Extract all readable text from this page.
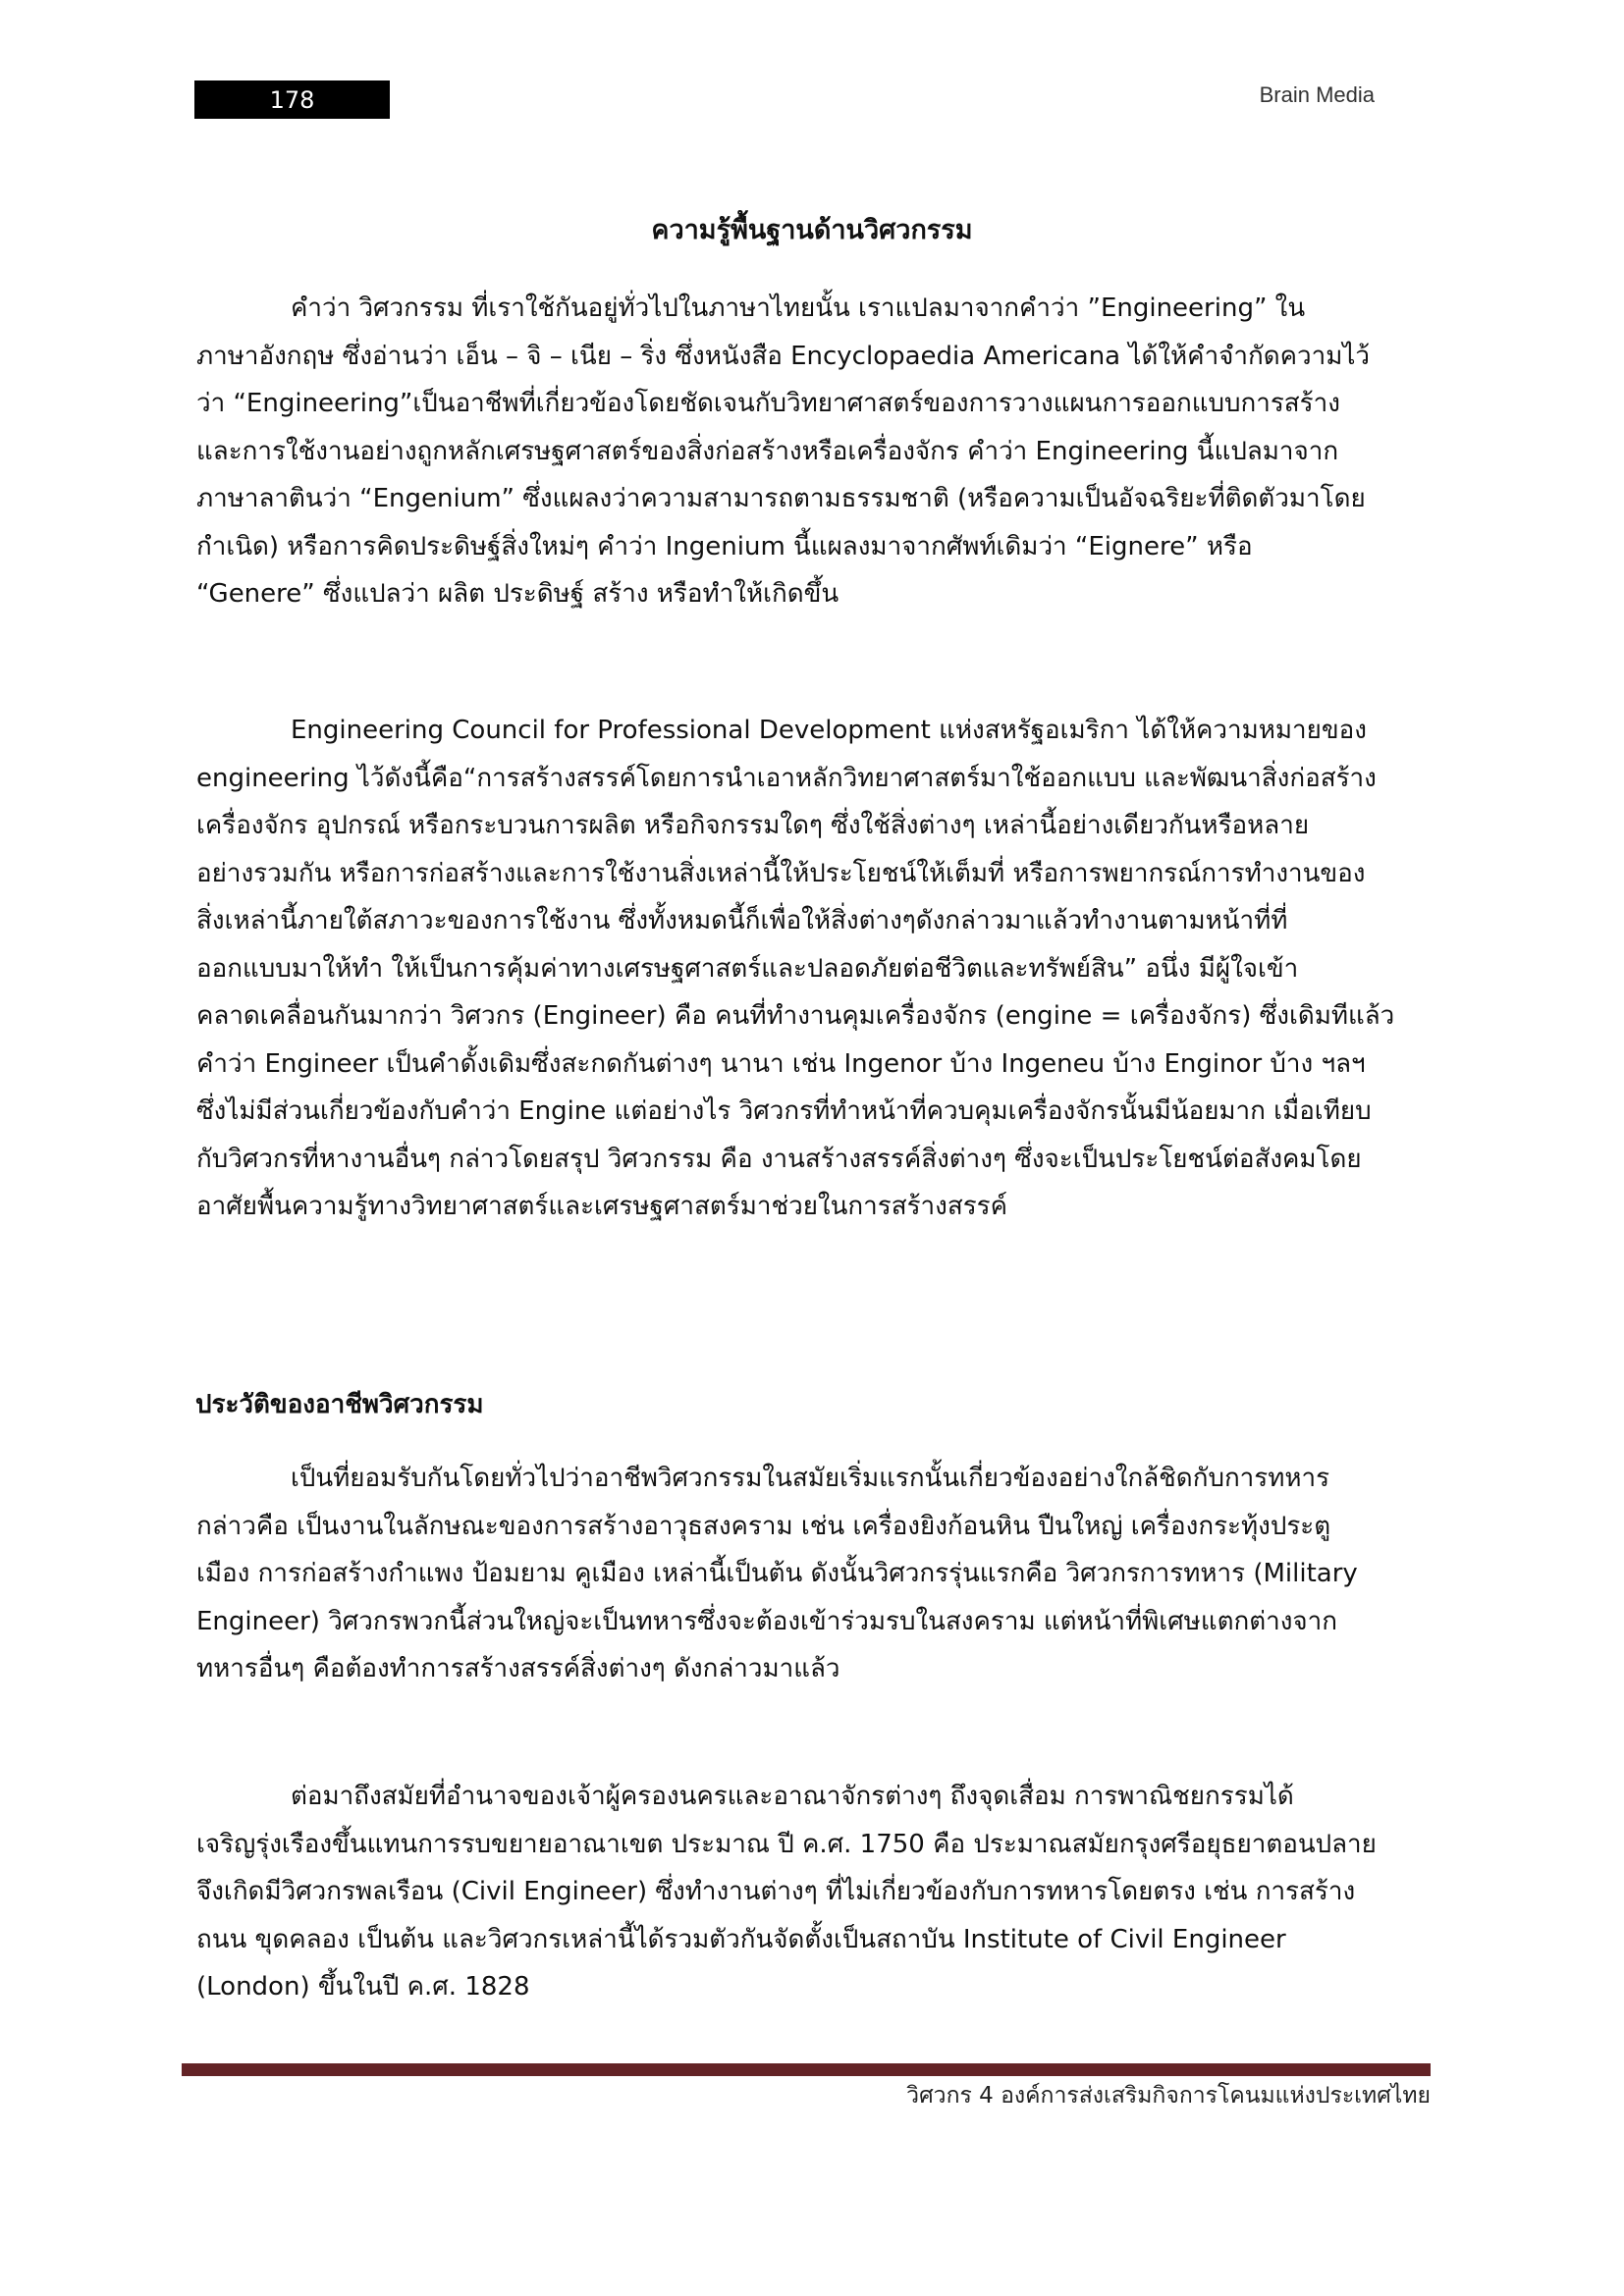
178	Brain Media
ความรู้พื้นฐานด้านวิศวกรรม
คำว่า วิศวกรรม ที่เราใช้กันอยู่ทั่วไปในภาษาไทยนั้น เราแปลมาจากคำว่า ”Engineering” ใน
ภาษาอังกฤษ ซึ่งอ่านว่า เอ็น – จิ – เนีย – ริ่ง ซึ่งหนังสือ Encyclopaedia Americana ได้ให้คำจำกัดความไว้
ว่า “Engineering”เป็นอาชีพที่เกี่ยวข้องโดยชัดเจนกับวิทยาศาสตร์ของการวางแผนการออกแบบการสร้าง
และการใช้งานอย่างถูกหลักเศรษฐศาสตร์ของสิ่งก่อสร้างหรือเครื่องจักร คำว่า Engineering นี้แปลมาจาก
ภาษาลาตินว่า “Engenium” ซึ่งแผลงว่าความสามารถตามธรรมชาติ (หรือความเป็นอัจฉริยะที่ติดตัวมาโดย
กำเนิด) หรือการคิดประดิษฐ์สิ่งใหม่ๆ คำว่า Ingenium นี้แผลงมาจากศัพท์เดิมว่า “Eignere” หรือ
“Genere” ซึ่งแปลว่า ผลิต ประดิษฐ์ สร้าง หรือทำให้เกิดขึ้น
Engineering Council for Professional Development แห่งสหรัฐอเมริกา ได้ให้ความหมายของ
engineering ไว้ดังนี้คือ“การสร้างสรรค์โดยการนำเอาหลักวิทยาศาสตร์มาใช้ออกแบบ และพัฒนาสิ่งก่อสร้าง
เครื่องจักร อุปกรณ์ หรือกระบวนการผลิต หรือกิจกรรมใดๆ ซึ่งใช้สิ่งต่างๆ เหล่านี้อย่างเดียวกันหรือหลาย
อย่างรวมกัน หรือการก่อสร้างและการใช้งานสิ่งเหล่านี้ให้ประโยชน์ให้เต็มที่ หรือการพยากรณ์การทำงานของ
สิ่งเหล่านี้ภายใต้สภาวะของการใช้งาน ซึ่งทั้งหมดนี้ก็เพื่อให้สิ่งต่างๆดังกล่าวมาแล้วทำงานตามหน้าที่ที่
ออกแบบมาให้ทำ ให้เป็นการคุ้มค่าทางเศรษฐศาสตร์และปลอดภัยต่อชีวิตและทรัพย์สิน” อนึ่ง มีผู้ใจเข้า
คลาดเคลื่อนกันมากว่า วิศวกร (Engineer) คือ คนที่ทำงานคุมเครื่องจักร (engine = เครื่องจักร) ซึ่งเดิมทีแล้ว
คำว่า Engineer เป็นคำดั้งเดิมซึ่งสะกดกันต่างๆ นานา เช่น Ingenor บ้าง Ingeneu บ้าง Enginor บ้าง ฯลฯ
ซึ่งไม่มีส่วนเกี่ยวข้องกับคำว่า Engine แต่อย่างไร วิศวกรที่ทำหน้าที่ควบคุมเครื่องจักรนั้นมีน้อยมาก เมื่อเทียบ
กับวิศวกรที่หางานอื่นๆ กล่าวโดยสรุป วิศวกรรม คือ งานสร้างสรรค์สิ่งต่างๆ ซึ่งจะเป็นประโยชน์ต่อสังคมโดย
อาศัยพื้นความรู้ทางวิทยาศาสตร์และเศรษฐศาสตร์มาช่วยในการสร้างสรรค์
ประวัติของอาชีพวิศวกรรม
เป็นที่ยอมรับกันโดยทั่วไปว่าอาชีพวิศวกรรมในสมัยเริ่มแรกนั้นเกี่ยวข้องอย่างใกล้ชิดกับการทหาร
กล่าวคือ เป็นงานในลักษณะของการสร้างอาวุธสงคราม เช่น เครื่องยิงก้อนหิน ปืนใหญ่ เครื่องกระทุ้งประตู
เมือง การก่อสร้างกำแพง ป้อมยาม คูเมือง เหล่านี้เป็นต้น ดังนั้นวิศวกรรุ่นแรกคือ วิศวกรการทหาร (Military
Engineer) วิศวกรพวกนี้ส่วนใหญ่จะเป็นทหารซึ่งจะต้องเข้าร่วมรบในสงคราม แต่หน้าที่พิเศษแตกต่างจาก
ทหารอื่นๆ คือต้องทำการสร้างสรรค์สิ่งต่างๆ ดังกล่าวมาแล้ว
ต่อมาถึงสมัยที่อำนาจของเจ้าผู้ครองนครและอาณาจักรต่างๆ ถึงจุดเสื่อม การพาณิชยกรรมได้
เจริญรุ่งเรืองขึ้นแทนการรบขยายอาณาเขต ประมาณ ปี ค.ศ. 1750 คือ ประมาณสมัยกรุงศรีอยุธยาตอนปลาย
จึงเกิดมีวิศวกรพลเรือน (Civil Engineer) ซึ่งทำงานต่างๆ ที่ไม่เกี่ยวข้องกับการทหารโดยตรง เช่น การสร้าง
ถนน ขุดคลอง เป็นต้น และวิศวกรเหล่านี้ได้รวมตัวกันจัดตั้งเป็นสถาบัน Institute of Civil Engineer
(London) ขึ้นในปี ค.ศ. 1828
วิศวกร 4 องค์การส่งเสริมกิจการโคนมแห่งประเทศไทย
